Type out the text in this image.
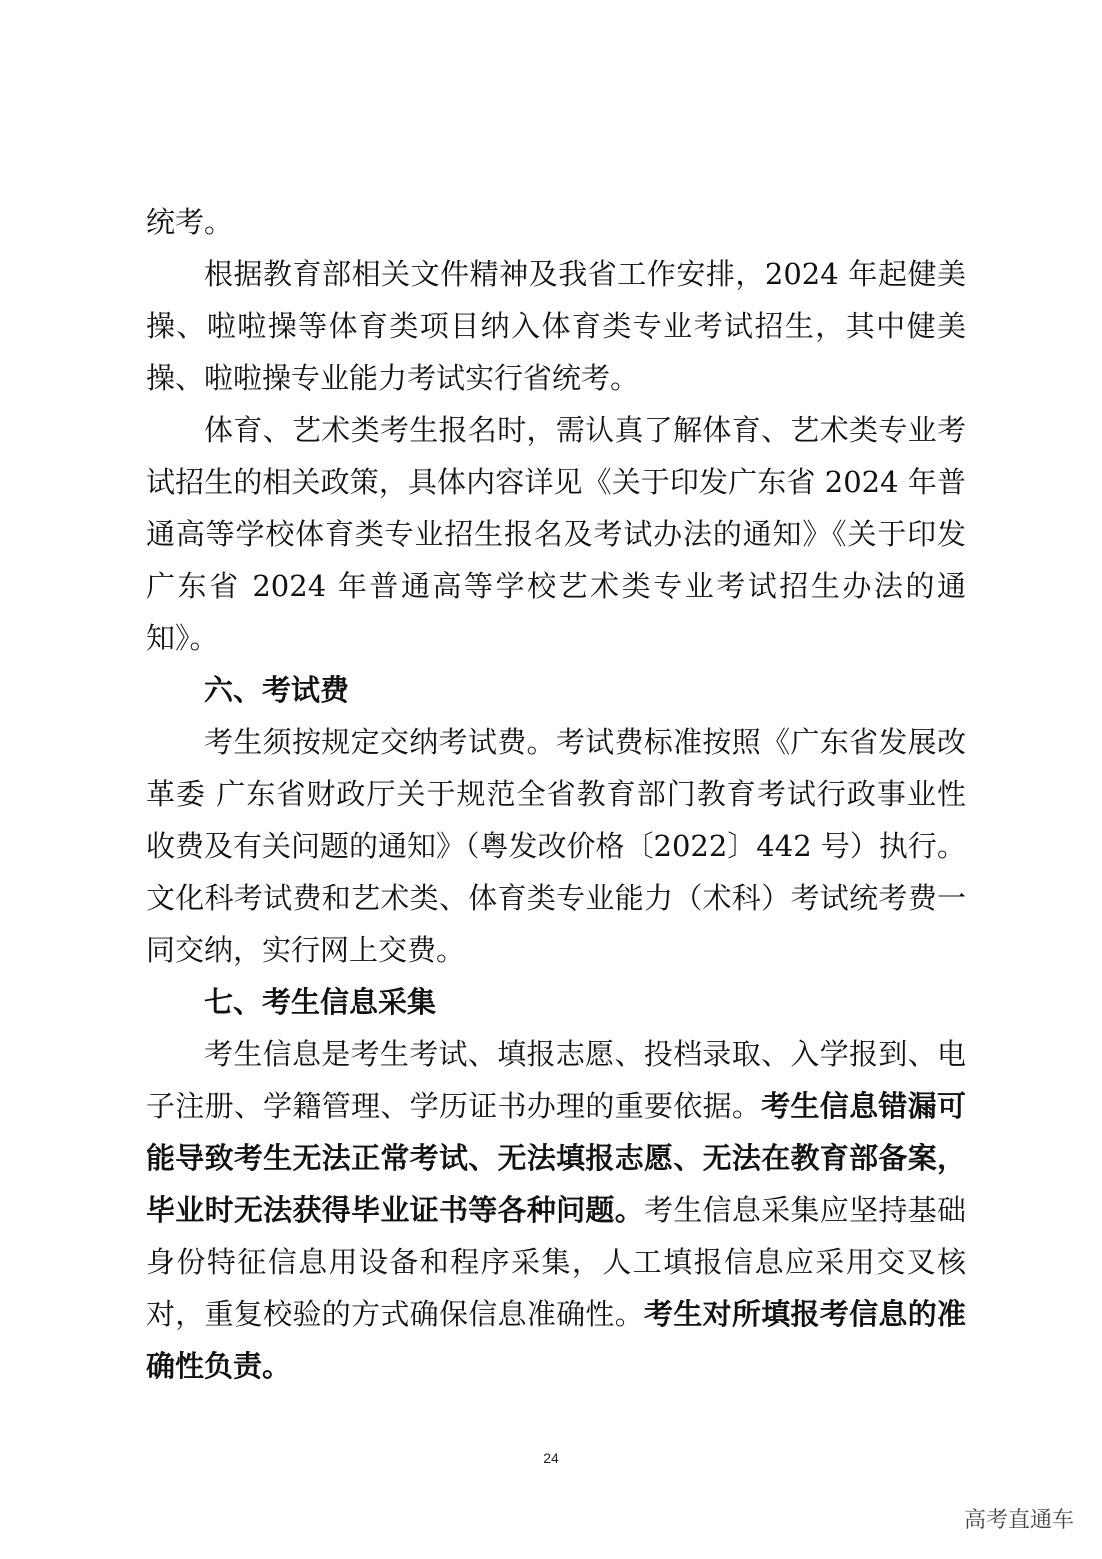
统考。

根据教育部相关文件精神及我省工作安排，2024 年起健美操、啦啦操等体育类项目纳入体育类专业考试招生，其中健美操、啦啦操专业能力考试实行省统考。

体育、艺术类考生报名时，需认真了解体育、艺术类专业考试招生的相关政策，具体内容详见《关于印发广东省 2024 年普通高等学校体育类专业招生报名及考试办法的通知》《关于印发广东省 2024 年普通高等学校艺术类专业考试招生办法的通知》。

六、考试费

考生须按规定交纳考试费。考试费标准按照《广东省发展改革委 广东省财政厅关于规范全省教育部门教育考试行政事业性收费及有关问题的通知》（粤发改价格〔2022〕442 号）执行。

文化科考试费和艺术类、体育类专业能力（术科）考试统考费一同交纳，实行网上交费。

七、考生信息采集

考生信息是考生考试、填报志愿、投档录取、入学报到、电子注册、学籍管理、学历证书办理的重要依据。考生信息错漏可能导致考生无法正常考试、无法填报志愿、无法在教育部备案，毕业时无法获得毕业证书等各种问题。考生信息采集应坚持基础身份特征信息用设备和程序采集，人工填报信息应采用交叉核对，重复校验的方式确保信息准确性。考生对所填报考信息的准确性负责。

24
高考直通车
